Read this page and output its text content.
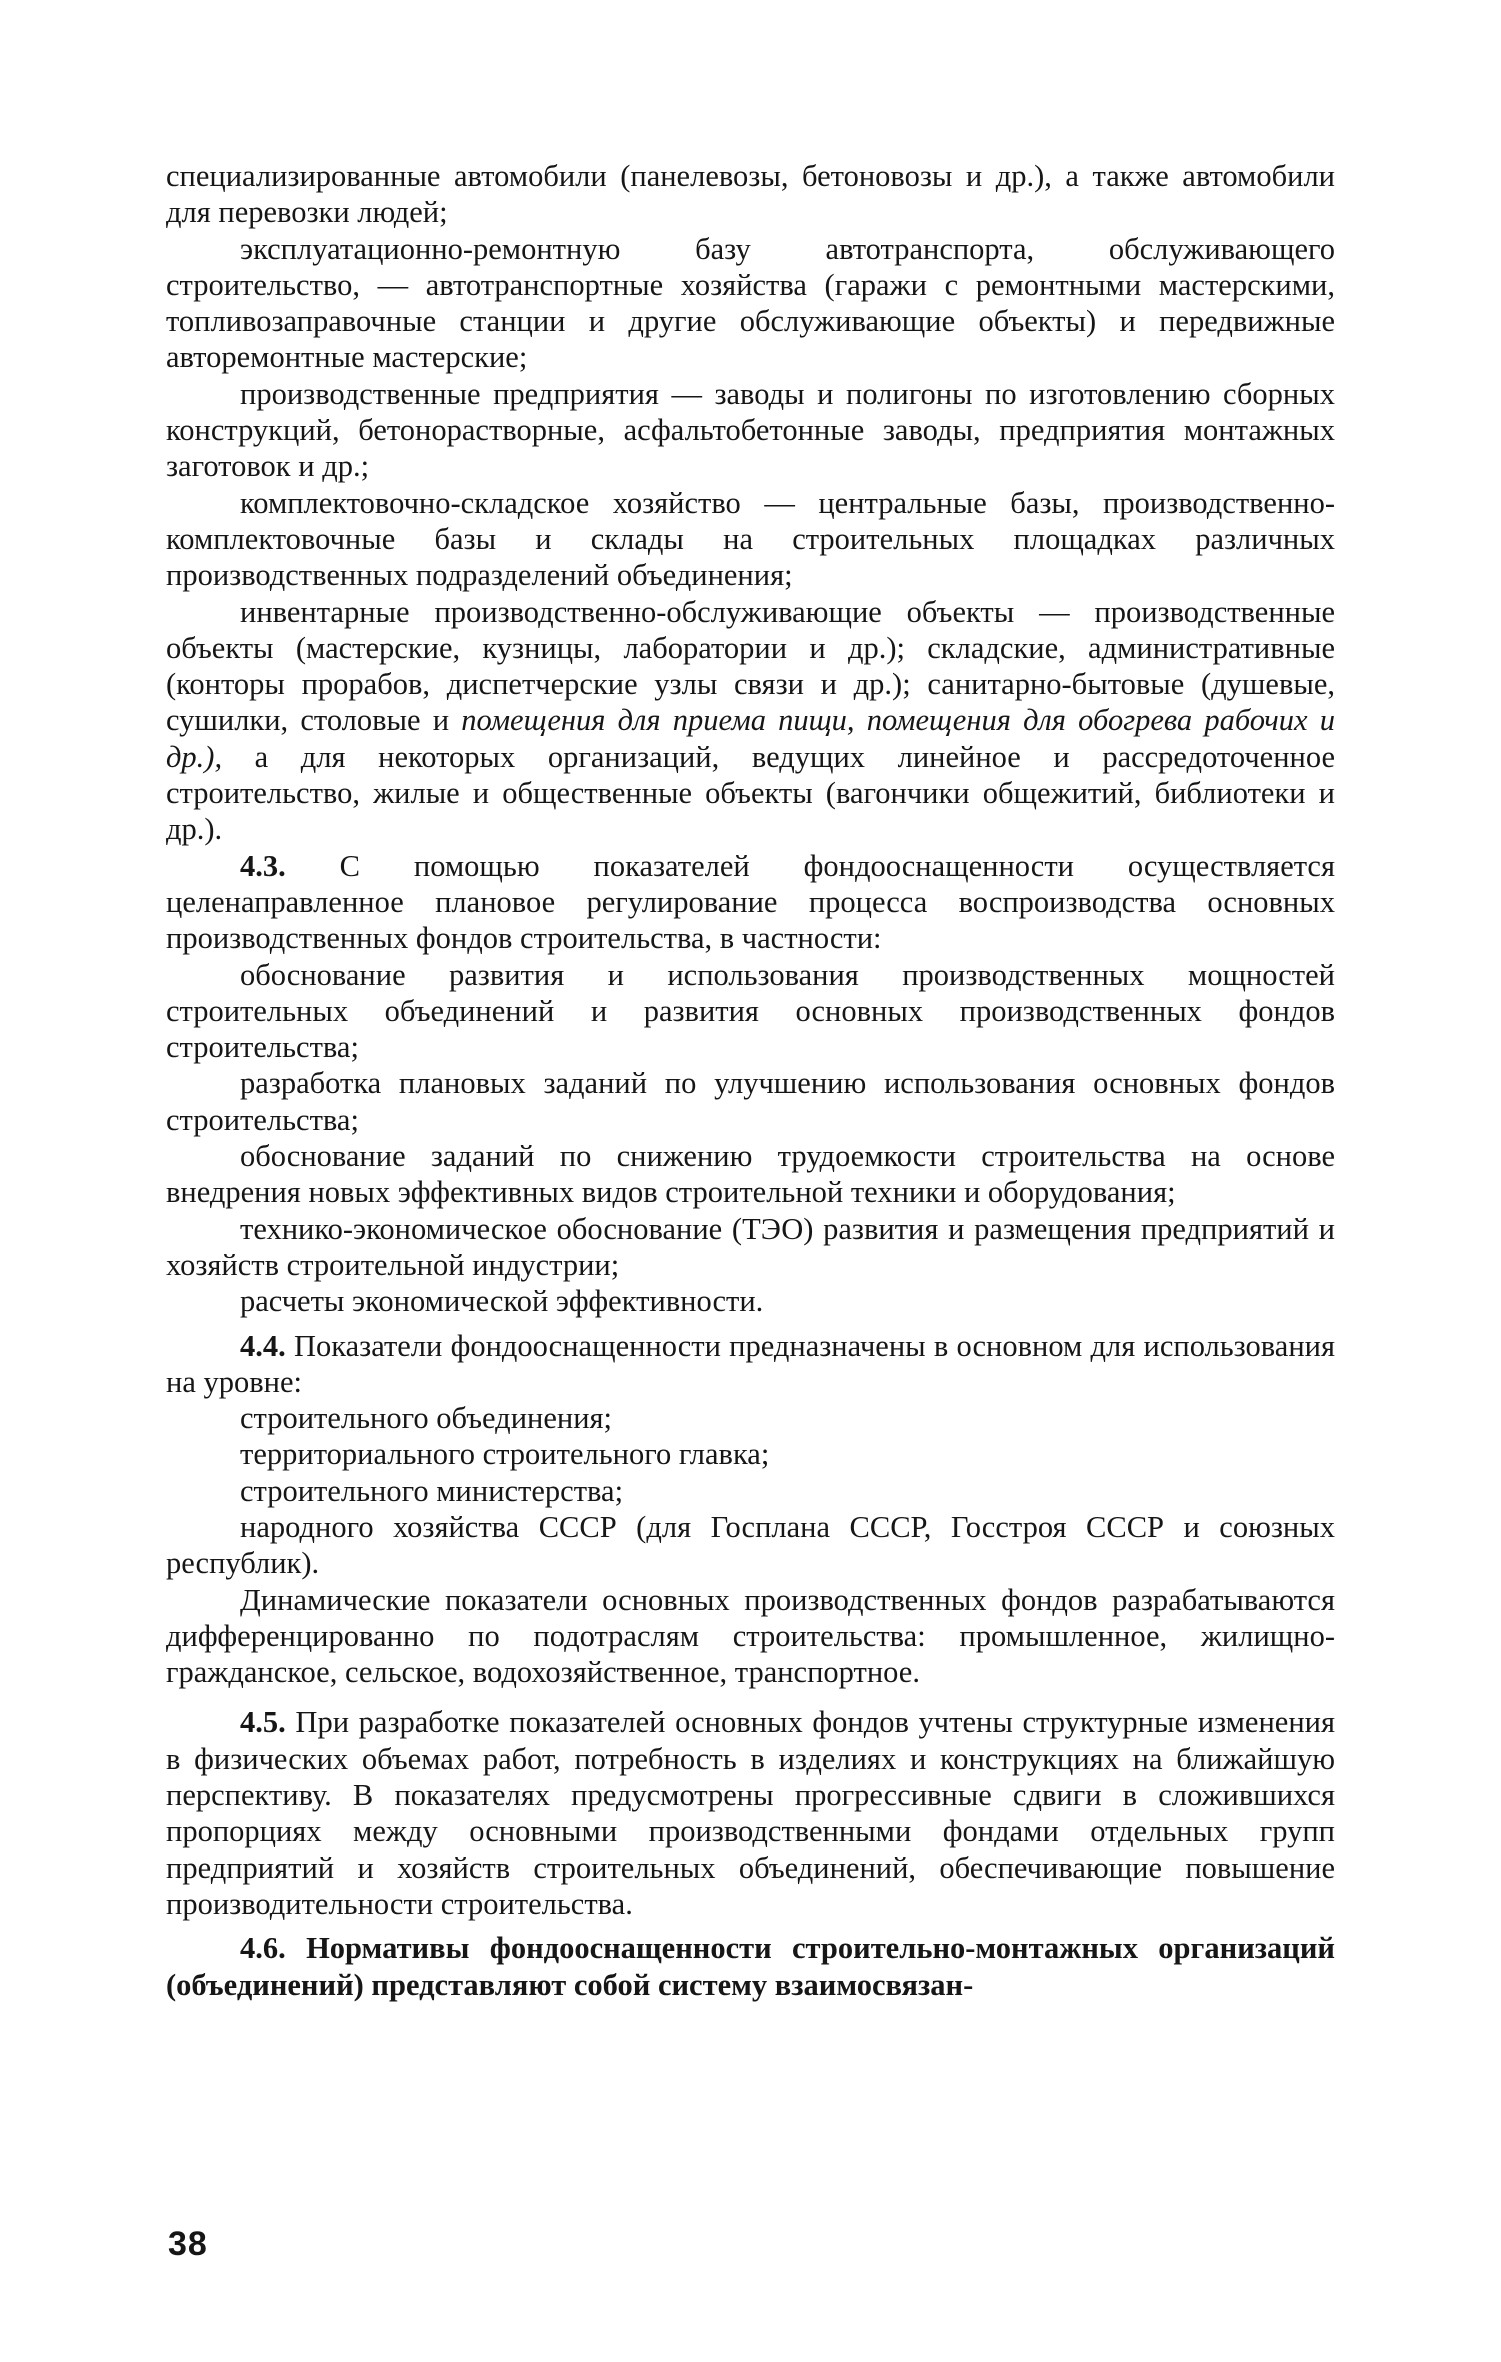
специализированные автомобили (панелевозы, бетоновозы и др.), а также автомобили для перевозки людей;

эксплуатационно-ремонтную базу автотранспорта, обслуживающего строительство, — автотранспортные хозяйства (гаражи с ремонтными мастерскими, топливозаправочные станции и другие обслуживающие объекты) и передвижные авторемонтные мастерские;

производственные предприятия — заводы и полигоны по изготовлению сборных конструкций, бетонорастворные, асфальтобетонные заводы, предприятия монтажных заготовок и др.;

комплектовочно-складское хозяйство — центральные базы, производственно-комплектовочные базы и склады на строительных площадках различных производственных подразделений объединения;

инвентарные производственно-обслуживающие объекты — производственные объекты (мастерские, кузницы, лаборатории и др.); складские, административные (конторы прорабов, диспетчерские узлы связи и др.); санитарно-бытовые (душевые, сушилки, столовые и помещения для приема пищи, помещения для обогрева рабочих и др.), а для некоторых организаций, ведущих линейное и рассредоточенное строительство, жилые и общественные объекты (вагончики общежитий, библиотеки и др.).

4.3. С помощью показателей фондооснащенности осуществляется целенаправленное плановое регулирование процесса воспроизводства основных производственных фондов строительства, в частности:

обоснование развития и использования производственных мощностей строительных объединений и развития основных производственных фондов строительства;

разработка плановых заданий по улучшению использования основных фондов строительства;

обоснование заданий по снижению трудоемкости строительства на основе внедрения новых эффективных видов строительной техники и оборудования;

технико-экономическое обоснование (ТЭО) развития и размещения предприятий и хозяйств строительной индустрии;

расчеты экономической эффективности.

4.4. Показатели фондооснащенности предназначены в основном для использования на уровне:

строительного объединения;

территориального строительного главка;

строительного министерства;

народного хозяйства СССР (для Госплана СССР, Госстроя СССР и союзных республик).

Динамические показатели основных производственных фондов разрабатываются дифференцированно по подотраслям строительства: промышленное, жилищно-гражданское, сельское, водохозяйственное, транспортное.

4.5. При разработке показателей основных фондов учтены структурные изменения в физических объемах работ, потребность в изделиях и конструкциях на ближайшую перспективу. В показателях предусмотрены прогрессивные сдвиги в сложившихся пропорциях между основными производственными фондами отдельных групп предприятий и хозяйств строительных объединений, обеспечивающие повышение производительности строительства.

4.6. Нормативы фондооснащенности строительно-монтажных организаций (объединений) представляют собой систему взаимосвязан-

38
